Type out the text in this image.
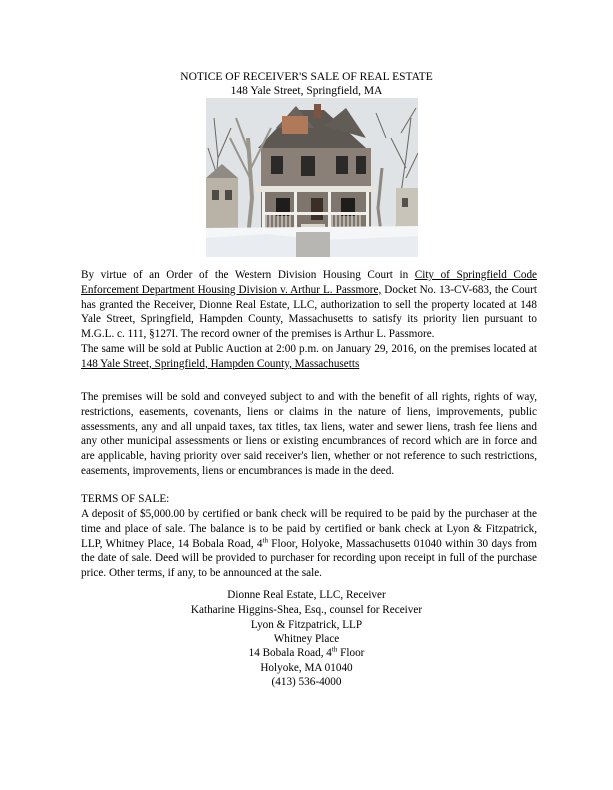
NOTICE OF RECEIVER'S SALE OF REAL ESTATE
148 Yale Street, Springfield, MA
By virtue of an Order of the Western Division Housing Court in City of Springfield Code Enforcement Department Housing Division v. Arthur L. Passmore, Docket No. 13-CV-683, the Court has granted the Receiver, Dionne Real Estate, LLC, authorization to sell the property located at 148 Yale Street, Springfield, Hampden County, Massachusetts to satisfy its priority lien pursuant to M.G.L. c. 111, §127I. The record owner of the premises is Arthur L. Passmore.
The same will be sold at Public Auction at 2:00 p.m. on January 29, 2016, on the premises located at 148 Yale Street, Springfield, Hampden County, Massachusetts
The premises will be sold and conveyed subject to and with the benefit of all rights, rights of way, restrictions, easements, covenants, liens or claims in the nature of liens, improvements, public assessments, any and all unpaid taxes, tax titles, tax liens, water and sewer liens, trash fee liens and any other municipal assessments or liens or existing encumbrances of record which are in force and are applicable, having priority over said receiver's lien, whether or not reference to such restrictions, easements, improvements, liens or encumbrances is made in the deed.
TERMS OF SALE:
A deposit of $5,000.00 by certified or bank check will be required to be paid by the purchaser at the time and place of sale. The balance is to be paid by certified or bank check at Lyon & Fitzpatrick, LLP, Whitney Place, 14 Bobala Road, 4th Floor, Holyoke, Massachusetts 01040 within 30 days from the date of sale. Deed will be provided to purchaser for recording upon receipt in full of the purchase price. Other terms, if any, to be announced at the sale.
Dionne Real Estate, LLC, Receiver
Katharine Higgins-Shea, Esq., counsel for Receiver
Lyon & Fitzpatrick, LLP
Whitney Place
14 Bobala Road, 4th Floor
Holyoke, MA 01040
(413) 536-4000
